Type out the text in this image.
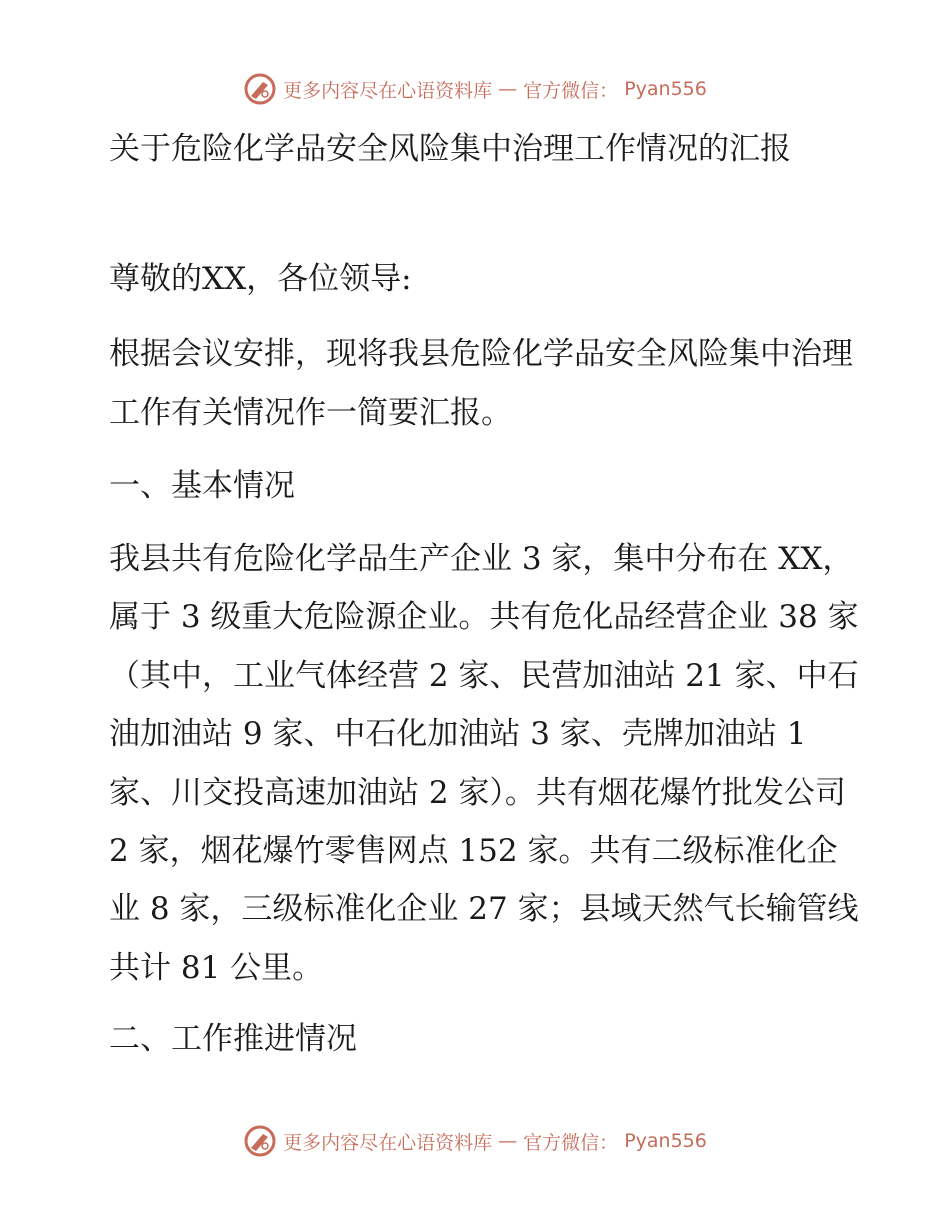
更多内容尽在心语资料库 — 官方微信： Pyan556

关于危险化学品安全风险集中治理工作情况的汇报

尊敬的XX，各位领导:

根据会议安排，现将我县危险化学品安全风险集中治理工作有关情况作一简要汇报。

一、基本情况

我县共有危险化学品生产企业 3 家，集中分布在 XX，属于 3 级重大危险源企业。共有危化品经营企业 38 家（其中，工业气体经营 2 家、民营加油站 21 家、中石油加油站 9 家、中石化加油站 3 家、壳牌加油站 1 家、川交投高速加油站 2 家）。共有烟花爆竹批发公司 2 家，烟花爆竹零售网点 152 家。共有二级标准化企业 8 家，三级标准化企业 27 家；县域天然气长输管线共计 81 公里。

二、工作推进情况

更多内容尽在心语资料库 — 官方微信： Pyan556
